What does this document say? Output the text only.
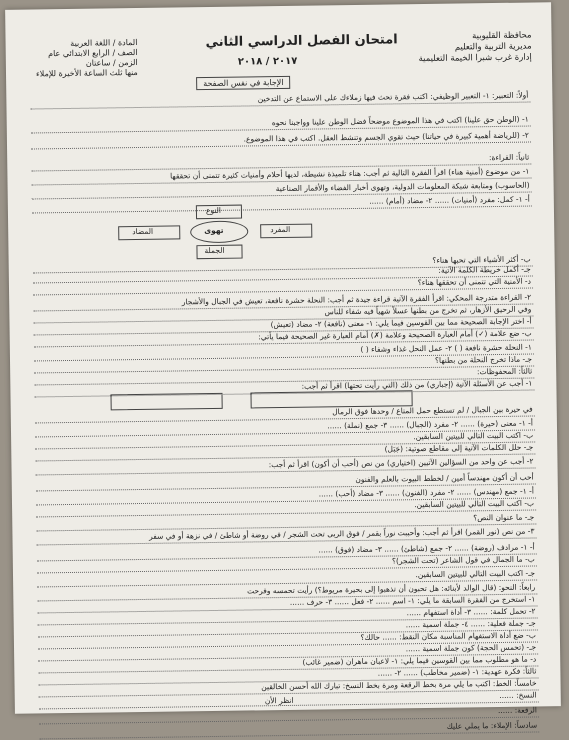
محافظة القليوبية
مديرية التربية والتعليم
إدارة غرب شبرا الخيمة التعليمية
المادة / اللغة العربية
الصف / الرابع الابتدائي عام
الزمن / ساعتان
منها ثلث الساعة الأخيرة للإملاء
امتحان الفصل الدراسي الثاني
٢٠١٧ / ٢٠١٨
الإجابة في نفس الصفحة
أولاً: التعبير: ١- التعبير الوظيفي: اكتب فقرة تحث فيها زملاءك على الاستماع عن التدخين
١- (الوطن حق علينا) اكتب في هذا الموضوع موضحاً فضل الوطن علينا وواجبنا نحوه
٢- (للرياضة أهمية كبيرة في حياتنا) حيث تقوي الجسم وتنشط العقل. اكتب في هذا الموضوع.
ثانياً: القراءة:
١- من موضوع (أمنية هناء) اقرأ الفقرة التالية ثم أجب: هناء تلميذة نشيطة، لديها أحلام وأمنيات كثيرة تتمنى أن تحققها
(الحاسوب) ومتابعة شبكة المعلومات الدولية، وتهوى أخبار الفضاء والأقمار الصناعية
أ- ١- كمل: مفرد (أمنيات) ...... ٢- مضاد (أمام) ......
ب- أكثر الأشياء التي تحبها هناء؟
جـ- أكمل خريطة الكلمة الآتية:
د- الأمنية التي تتمنى أن تحققها هناء؟
٢- القراءة متدرجة المحكي: اقرأ الفقرة الآتية قراءة جيدة ثم أجب: النحلة حشرة نافعة، تعيش في الجبال والأشجار
وفي الرحيق الأزهار، ثم تخرج من بطنها عسلاً شهياً فيه شفاء للناس
أ- اختر الإجابة الصحيحة مما بين القوسين فيما يلي: ١- معنى (نافعة) ٢- مضاد (تعيش)
ب- ضع علامة (✓) أمام العبارة الصحيحة وعلامة (✗) أمام العبارة غير الصحيحة فيما يأتي:
١- النحلة حشرة نافعة ( ) ٢- عمل النحل غذاء وشفاء ( )
جـ- ماذا تخرج النحلة من بطنها؟
ثالثاً: المحفوظات:
١- أجب عن الأسئلة الآتية (إجباري) من ذلك (التي رأيت تحتها) اقرأ ثم أجب:
في حيرة بين الجبال / لم تستطع حمل المتاع / وحدها فوق الرمال
أ- ١- معنى (حيرة) ...... ٢- مفرد (الجبال) ...... ٣- جمع (نملة) ......
ب- اكتب البيت التالي للبيتين السابقين.
جـ- حلل الكلمات الآتية إلى مقاطع صوتية: (جَبَل)
٢- أجب عن واحد من السؤالين الآتيين (اختياري) من نص (أحب أن أكون) اقرأ ثم أجب:
أحب أن أكون مهندساً أمين / لخطط البيوت بالعلم والفنون
أ- ١- جمع (مهندس) ...... ٢- مفرد (الفنون) ...... ٣- مضاد (أحب) ......
ب- اكتب البيت التالي للبيتين السابقين.
جـ- ما عنوان النص؟
٣- من نص (نور القمر) اقرأ ثم أجب: وأحببت نوراً بقمر / فوق الربى تحت الشجر / في روضة أو شاطئ / في نزهة أو في سفر
أ- ١- مرادف (روضة) ...... ٢- جمع (شاطئ) ...... ٣- مضاد (فوق) ......
ب- ما الجمال في قول الشاعر (تحت الشجر)؟
جـ- اكتب البيت التالي للبيتين السابقين.
رابعاً: النحو: (قال الوالد لأبنائه: هل تحبون أن تذهبوا إلى بحيرة مريوط؟) رأيت تحمسه وفرحت
١- استخرج من الفقرة السابقة ما يلي: ١- اسم ...... ٢- فعل ...... ٣- حرف ......
٢- تحمل كلمة: ...... ٣- أداة استفهام ......
جـ- جملة فعلية: ...... ٤- جملة اسمية ......
ب- ضع أداة الاستفهام المناسبة مكان النقط: ...... حالك؟
جـ- (تحمس الحجة) كون جملة اسمية ......
د- ما هو مطلوب مما بين القوسين فيما يلي: ١- لاعبان ماهران (ضمير غائب)
ثالثاً: فكرة عهدية: ١- (ضمير مخاطب) ...... ٢- ......
خامساً: الخط: اكتب ما يلي مرة بخط الرقعة ومرة بخط النسخ: تبارك الله أحسن الخالقين
النسخ: ......
الرقعة: ......
سادساً: الإملاء: ما يملي عليك
تهوى
النوع
المضاد	المفرد
الجملة
انظر الأن
